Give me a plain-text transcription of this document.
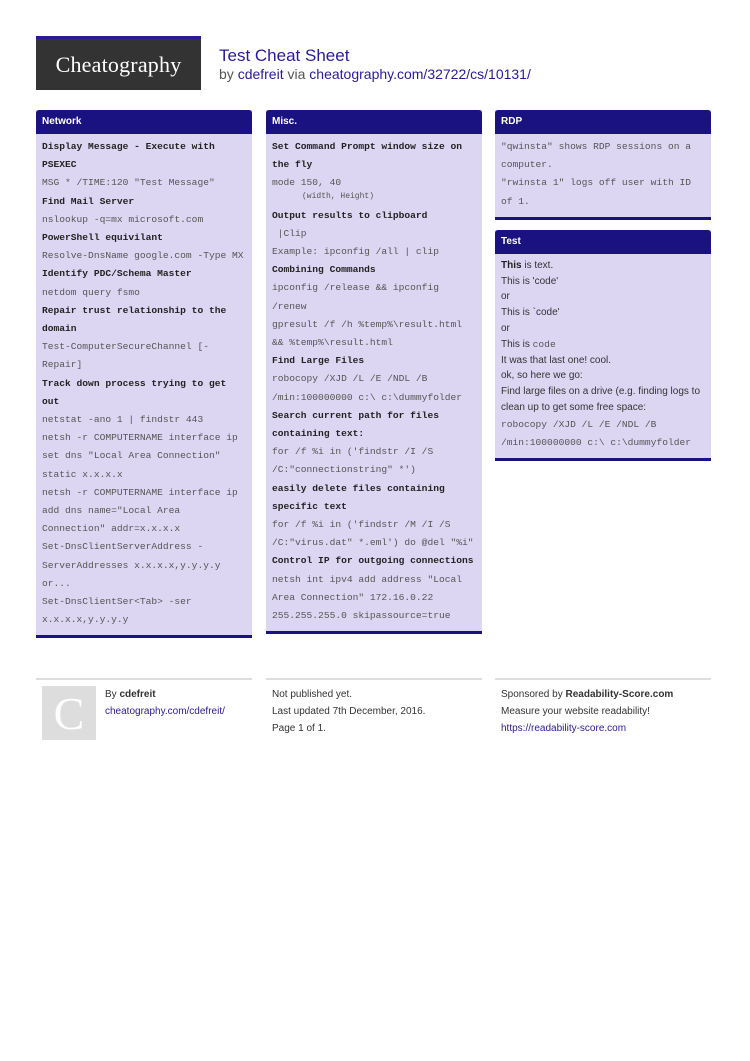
Cheatography Test Cheat Sheet
by cdefreit via cheatography.com/32722/cs/10131/
Network
Display Message - Execute with PSEXEC
MSG * /TIME:120 "Test Message"
Find Mail Server
nslookup -q=mx microsoft.com
PowerShell equivilant
Resolve-DnsName google.com -Type MX
Identify PDC/Schema Master
netdom query fsmo
Repair trust relationship to the domain
Test-ComputerSecureChannel [-Repair]
Track down process trying to get out
netstat -ano 1 | findstr 443
netsh -r COMPUTERNAME interface ip set dns "Local Area Connection" static x.x.x.x
netsh -r COMPUTERNAME interface ip add dns name="Local Area Connection" addr=x.x.x.x
Set-DnsClientServerAddress -ServerAddresses x.x.x.x,y.y.y.y
or...
Set-DnsClientSer<Tab> -ser x.x.x.x,y.y.y.y
Misc.
Set Command Prompt window size on the fly
mode 150, 40
(width, Height)
Output results to clipboard
|Clip
Example: ipconfig /all | clip
Combining Commands
ipconfig /release && ipconfig /renew
gpresult /f /h %temp%\result.html && %temp%\result.html
Find Large Files
robocopy /XJD /L /E /NDL /B /min:100000000 c:\ c:\dummyfolder
Search current path for files containing text:
for /f %i in ('findstr /I /S /C:"connectionstring" *')
easily delete files containing specific text
for /f %i in ('findstr /M /I /S /C:"virus.dat" *.eml') do @del "%i"
Control IP for outgoing connections
netsh int ipv4 add address "Local Area Connection" 172.16.0.22 255.255.255.0 skipassource=true
RDP
"qwinsta" shows RDP sessions on a computer.
"rwinsta 1" logs off user with ID of 1.
Test
This is text.
This is 'code'
or
This is `code'
or
This is code
It was that last one! cool.
ok, so here we go:
Find large files on a drive (e.g. finding logs to clean up to get some free space:
robocopy /XJD /L /E /NDL /B /min:100000000 c:\ c:\dummyfolder
C By cdefreit
cheatography.com/cdefreit/
Not published yet.
Last updated 7th December, 2016.
Page 1 of 1.
Sponsored by Readability-Score.com
Measure your website readability!
https://readability-score.com
